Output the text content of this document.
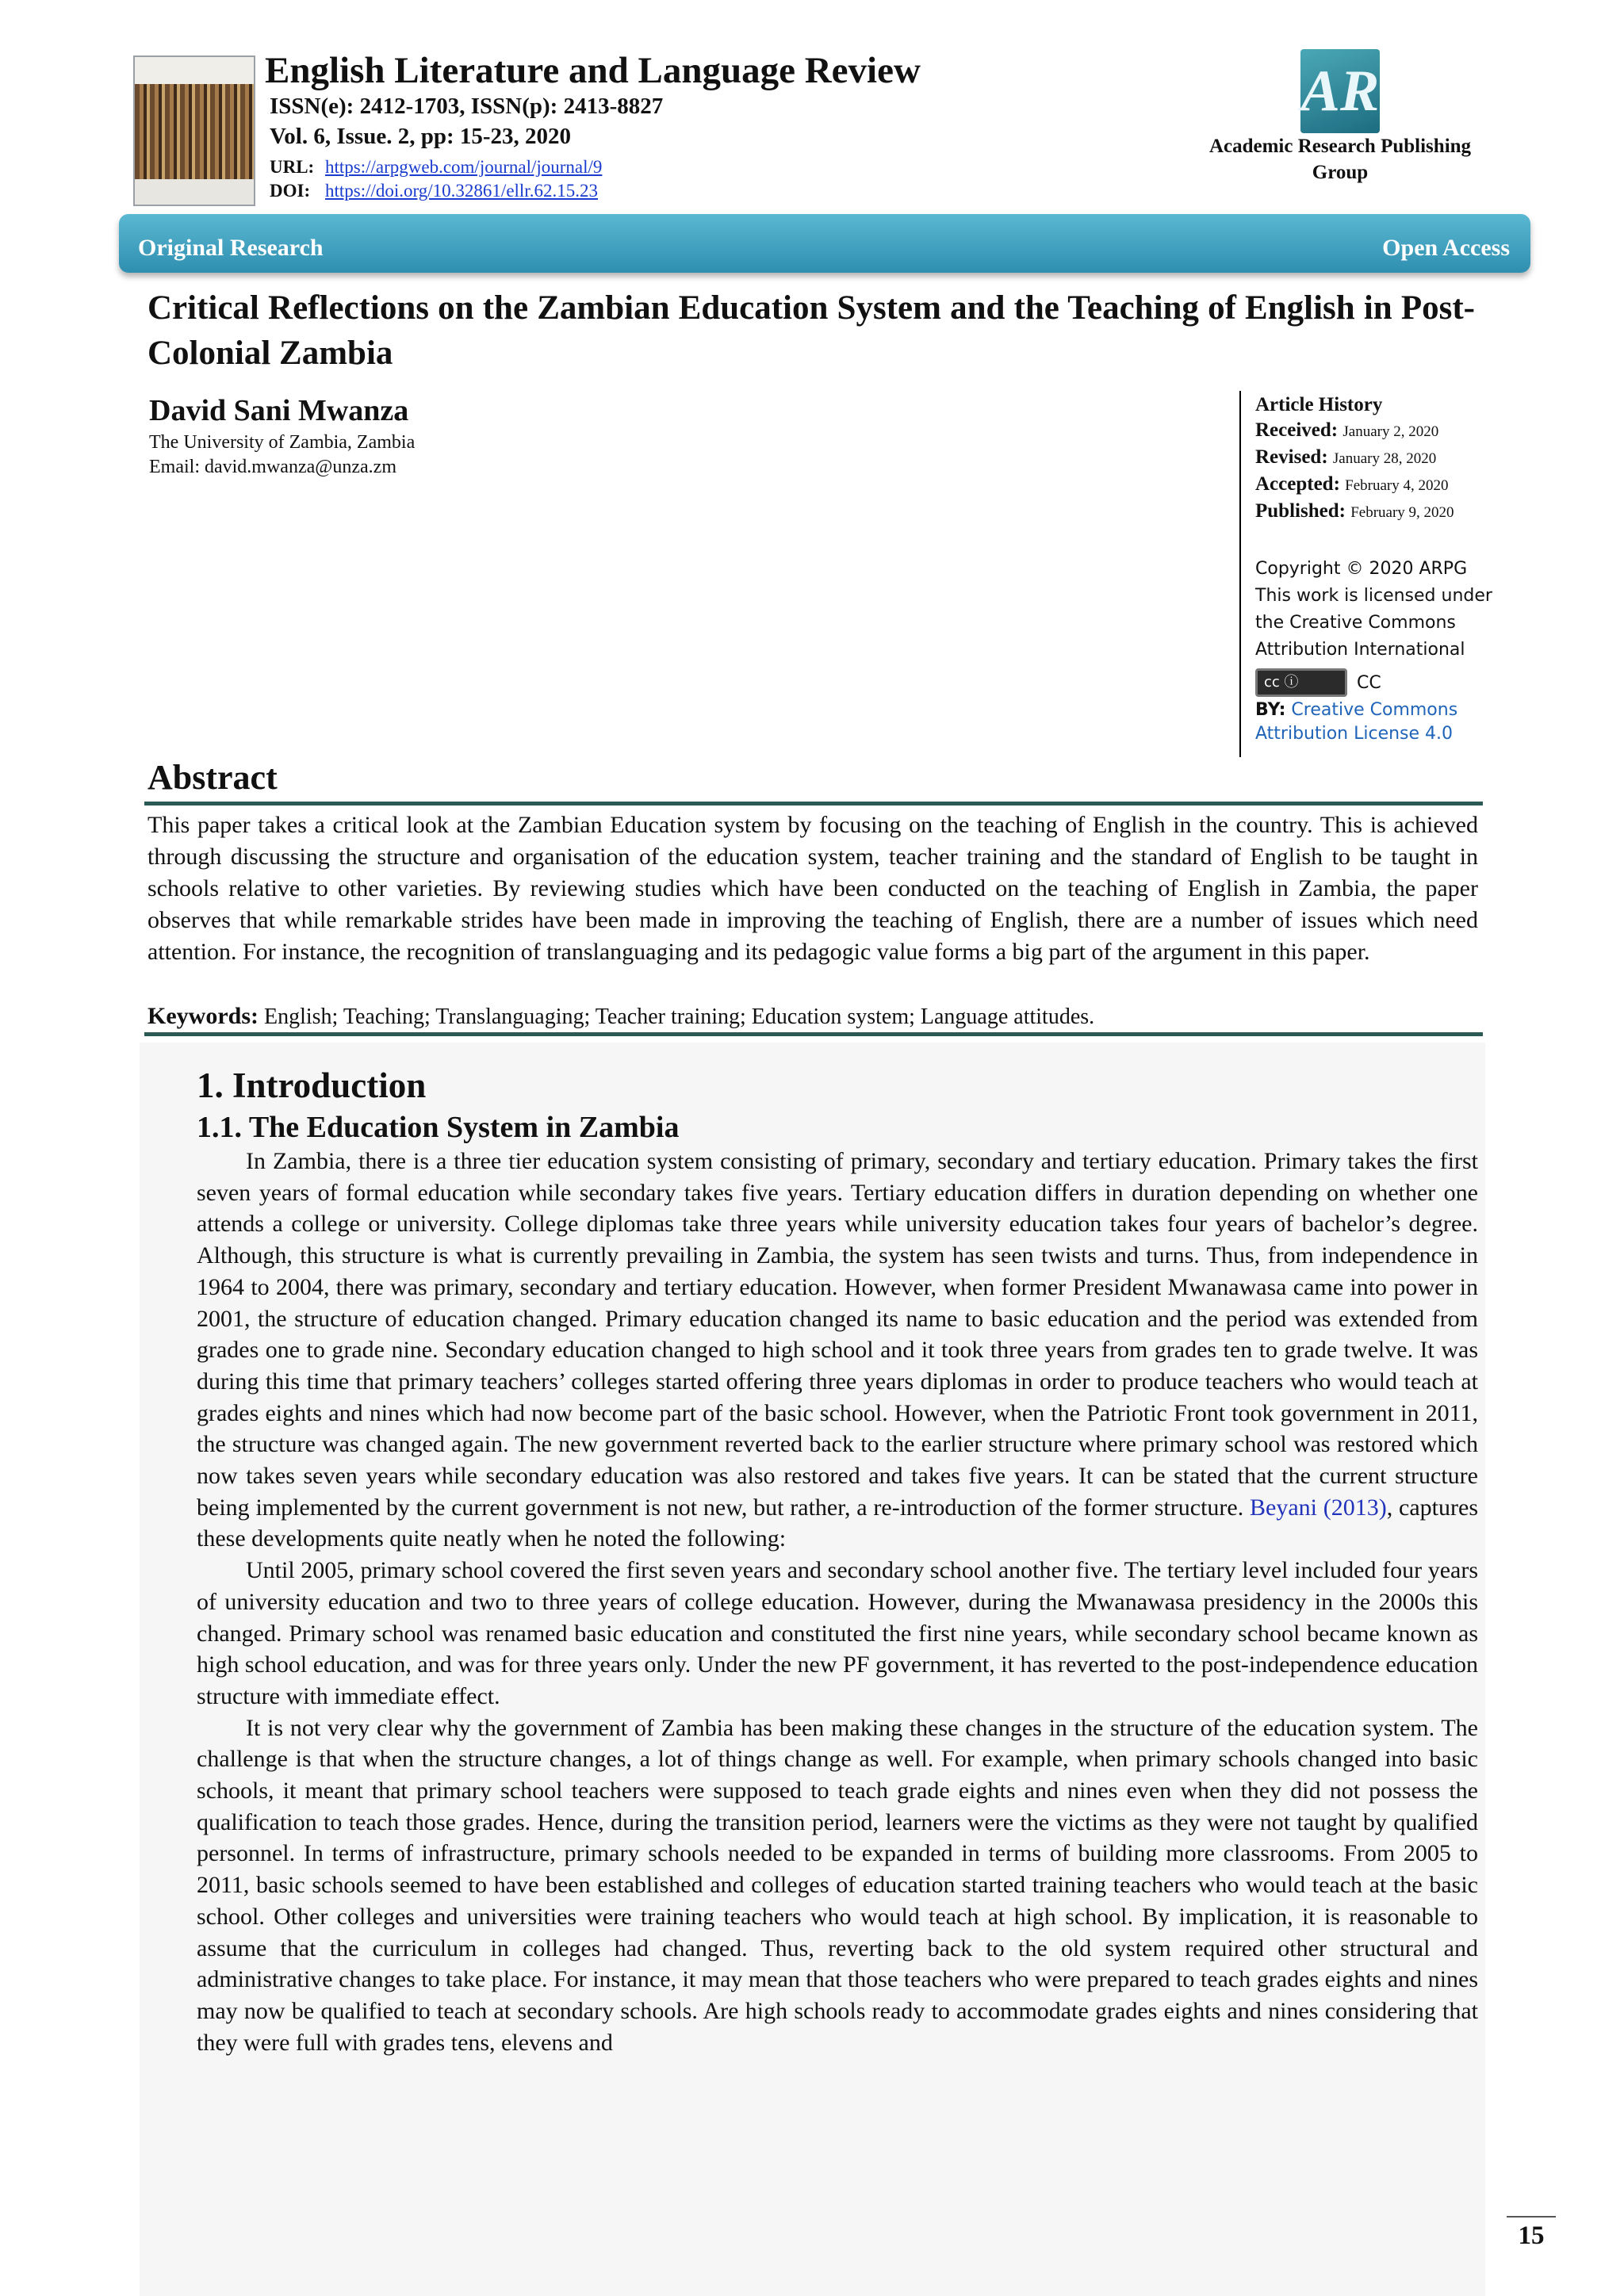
English Literature and Language Review
ISSN(e): 2412-1703, ISSN(p): 2413-8827
Vol. 6, Issue. 2, pp: 15-23, 2020
URL: https://arpgweb.com/journal/journal/9
DOI: https://doi.org/10.32861/ellr.62.15.23
AR
Academic Research Publishing Group
Original Research	Open Access
Critical Reflections on the Zambian Education System and the Teaching of English in Post-Colonial Zambia
David Sani Mwanza
The University of Zambia, Zambia
Email: david.mwanza@unza.zm
Article History
Received: January 2, 2020
Revised: January 28, 2020
Accepted: February 4, 2020
Published: February 9, 2020
Copyright © 2020 ARPG This work is licensed under the Creative Commons Attribution International
cc ⓘ	CC
BY: Creative Commons Attribution License 4.0
Abstract
This paper takes a critical look at the Zambian Education system by focusing on the teaching of English in the country. This is achieved through discussing the structure and organisation of the education system, teacher training and the standard of English to be taught in schools relative to other varieties. By reviewing studies which have been conducted on the teaching of English in Zambia, the paper observes that while remarkable strides have been made in improving the teaching of English, there are a number of issues which need attention. For instance, the recognition of translanguaging and its pedagogic value forms a big part of the argument in this paper.
Keywords: English; Teaching; Translanguaging; Teacher training; Education system; Language attitudes.
1. Introduction
1.1. The Education System in Zambia

In Zambia, there is a three tier education system consisting of primary, secondary and tertiary education. Primary takes the first seven years of formal education while secondary takes five years. Tertiary education differs in duration depending on whether one attends a college or university. College diplomas take three years while university education takes four years of bachelor’s degree. Although, this structure is what is currently prevailing in Zambia, the system has seen twists and turns. Thus, from independence in 1964 to 2004, there was primary, secondary and tertiary education. However, when former President Mwanawasa came into power in 2001, the structure of education changed. Primary education changed its name to basic education and the period was extended from grades one to grade nine. Secondary education changed to high school and it took three years from grades ten to grade twelve. It was during this time that primary teachers’ colleges started offering three years diplomas in order to produce teachers who would teach at grades eights and nines which had now become part of the basic school. However, when the Patriotic Front took government in 2011, the structure was changed again. The new government reverted back to the earlier structure where primary school was restored which now takes seven years while secondary education was also restored and takes five years. It can be stated that the current structure being implemented by the current government is not new, but rather, a re-introduction of the former structure. Beyani (2013), captures these developments quite neatly when he noted the following:

Until 2005, primary school covered the first seven years and secondary school another five. The tertiary level included four years of university education and two to three years of college education. However, during the Mwanawasa presidency in the 2000s this changed. Primary school was renamed basic education and constituted the first nine years, while secondary school became known as high school education, and was for three years only. Under the new PF government, it has reverted to the post-independence education structure with immediate effect.

It is not very clear why the government of Zambia has been making these changes in the structure of the education system. The challenge is that when the structure changes, a lot of things change as well. For example, when primary schools changed into basic schools, it meant that primary school teachers were supposed to teach grade eights and nines even when they did not possess the qualification to teach those grades. Hence, during the transition period, learners were the victims as they were not taught by qualified personnel. In terms of infrastructure, primary schools needed to be expanded in terms of building more classrooms. From 2005 to 2011, basic schools seemed to have been established and colleges of education started training teachers who would teach at the basic school. Other colleges and universities were training teachers who would teach at high school. By implication, it is reasonable to assume that the curriculum in colleges had changed. Thus, reverting back to the old system required other structural and administrative changes to take place. For instance, it may mean that those teachers who were prepared to teach grades eights and nines may now be qualified to teach at secondary schools. Are high schools ready to accommodate grades eights and nines considering that they were full with grades tens, elevens and

15
